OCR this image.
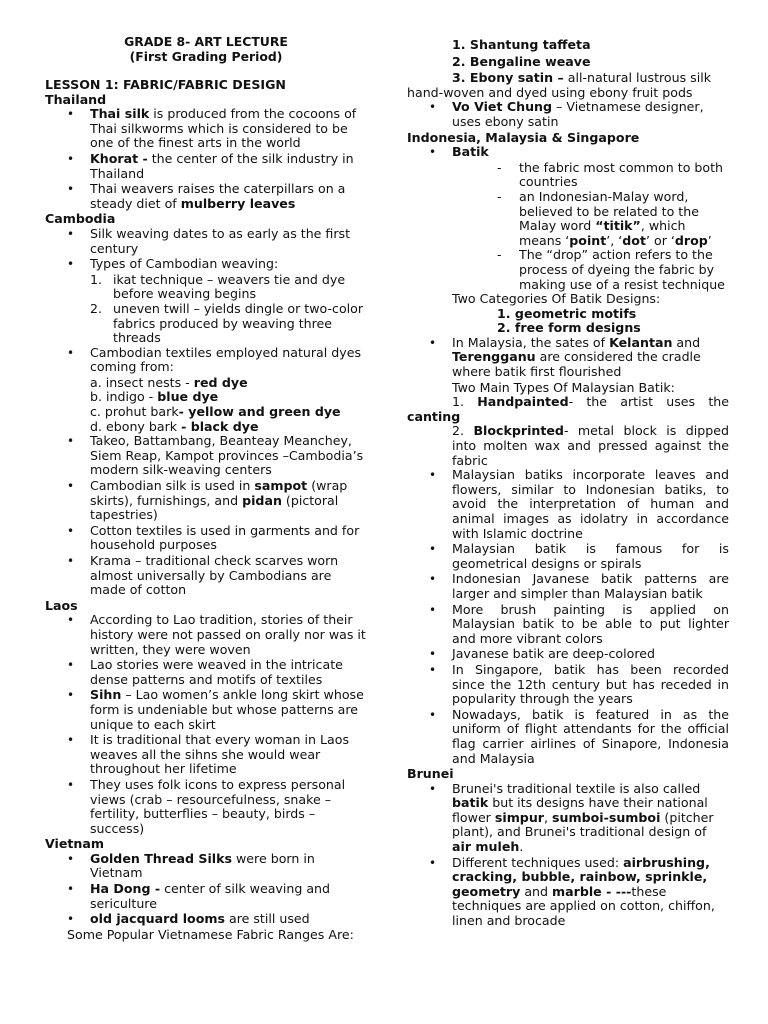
GRADE 8- ART LECTURE
(First Grading Period)
LESSON 1: FABRIC/FABRIC DESIGN
Thailand
• Thai silk is produced from the cocoons of Thai silkworms which is considered to be one of the finest arts in the world
• Khorat - the center of the silk industry in Thailand
• Thai weavers raises the caterpillars on a steady diet of mulberry leaves
Cambodia
• Silk weaving dates to as early as the first century
• Types of Cambodian weaving:
1. ikat technique – weavers tie and dye before weaving begins
2. uneven twill – yields dingle or two-color fabrics produced by weaving three threads
• Cambodian textiles employed natural dyes coming from:
a. insect nests - red dye
b. indigo - blue dye
c. prohut bark- yellow and green dye
d. ebony bark - black dye
• Takeo, Battambang, Beanteay Meanchey, Siem Reap, Kampot provinces –Cambodia’s modern silk-weaving centers
• Cambodian silk is used in sampot (wrap skirts), furnishings, and pidan (pictoral tapestries)
• Cotton textiles is used in garments and for household purposes
• Krama – traditional check scarves worn almost universally by Cambodians are made of cotton
Laos
• According to Lao tradition, stories of their history were not passed on orally nor was it written, they were woven
• Lao stories were weaved in the intricate dense patterns and motifs of textiles
• Sihn – Lao women’s ankle long skirt whose form is undeniable but whose patterns are unique to each skirt
• It is traditional that every woman in Laos weaves all the sihns she would wear throughout her lifetime
• They uses folk icons to express personal views (crab – resourcefulness, snake – fertility, butterflies – beauty, birds – success)
Vietnam
• Golden Thread Silks were born in Vietnam
• Ha Dong - center of silk weaving and sericulture
• old jacquard looms are still used
Some Popular Vietnamese Fabric Ranges Are:
1. Shantung taffeta
2. Bengaline weave
3. Ebony satin – all-natural lustrous silk hand-woven and dyed using ebony fruit pods
• Vo Viet Chung – Vietnamese designer, uses ebony satin
Indonesia, Malaysia & Singapore
• Batik
- the fabric most common to both countries
- an Indonesian-Malay word, believed to be related to the Malay word “titik”, which means ‘point’, ‘dot’ or ‘drop’
- The “drop” action refers to the process of dyeing the fabric by making use of a resist technique
Two Categories Of Batik Designs:
1. geometric motifs
2. free form designs
• In Malaysia, the sates of Kelantan and Terengganu are considered the cradle where batik first flourished
Two Main Types Of Malaysian Batik:
1. Handpainted- the artist uses the canting
2. Blockprinted- metal block is dipped into molten wax and pressed against the fabric
• Malaysian batiks incorporate leaves and flowers, similar to Indonesian batiks, to avoid the interpretation of human and animal images as idolatry in accordance with Islamic doctrine
• Malaysian batik is famous for is geometrical designs or spirals
• Indonesian Javanese batik patterns are larger and simpler than Malaysian batik
• More brush painting is applied on Malaysian batik to be able to put lighter and more vibrant colors
• Javanese batik are deep-colored
• In Singapore, batik has been recorded since the 12th century but has receded in popularity through the years
• Nowadays, batik is featured in as the uniform of flight attendants for the official flag carrier airlines of Sinapore, Indonesia and Malaysia
Brunei
• Brunei's traditional textile is also called batik but its designs have their national flower simpur, sumboi-sumboi (pitcher plant), and Brunei's traditional design of air muleh.
• Different techniques used: airbrushing, cracking, bubble, rainbow, sprinkle, geometry and marble - ---these techniques are applied on cotton, chiffon, linen and brocade
